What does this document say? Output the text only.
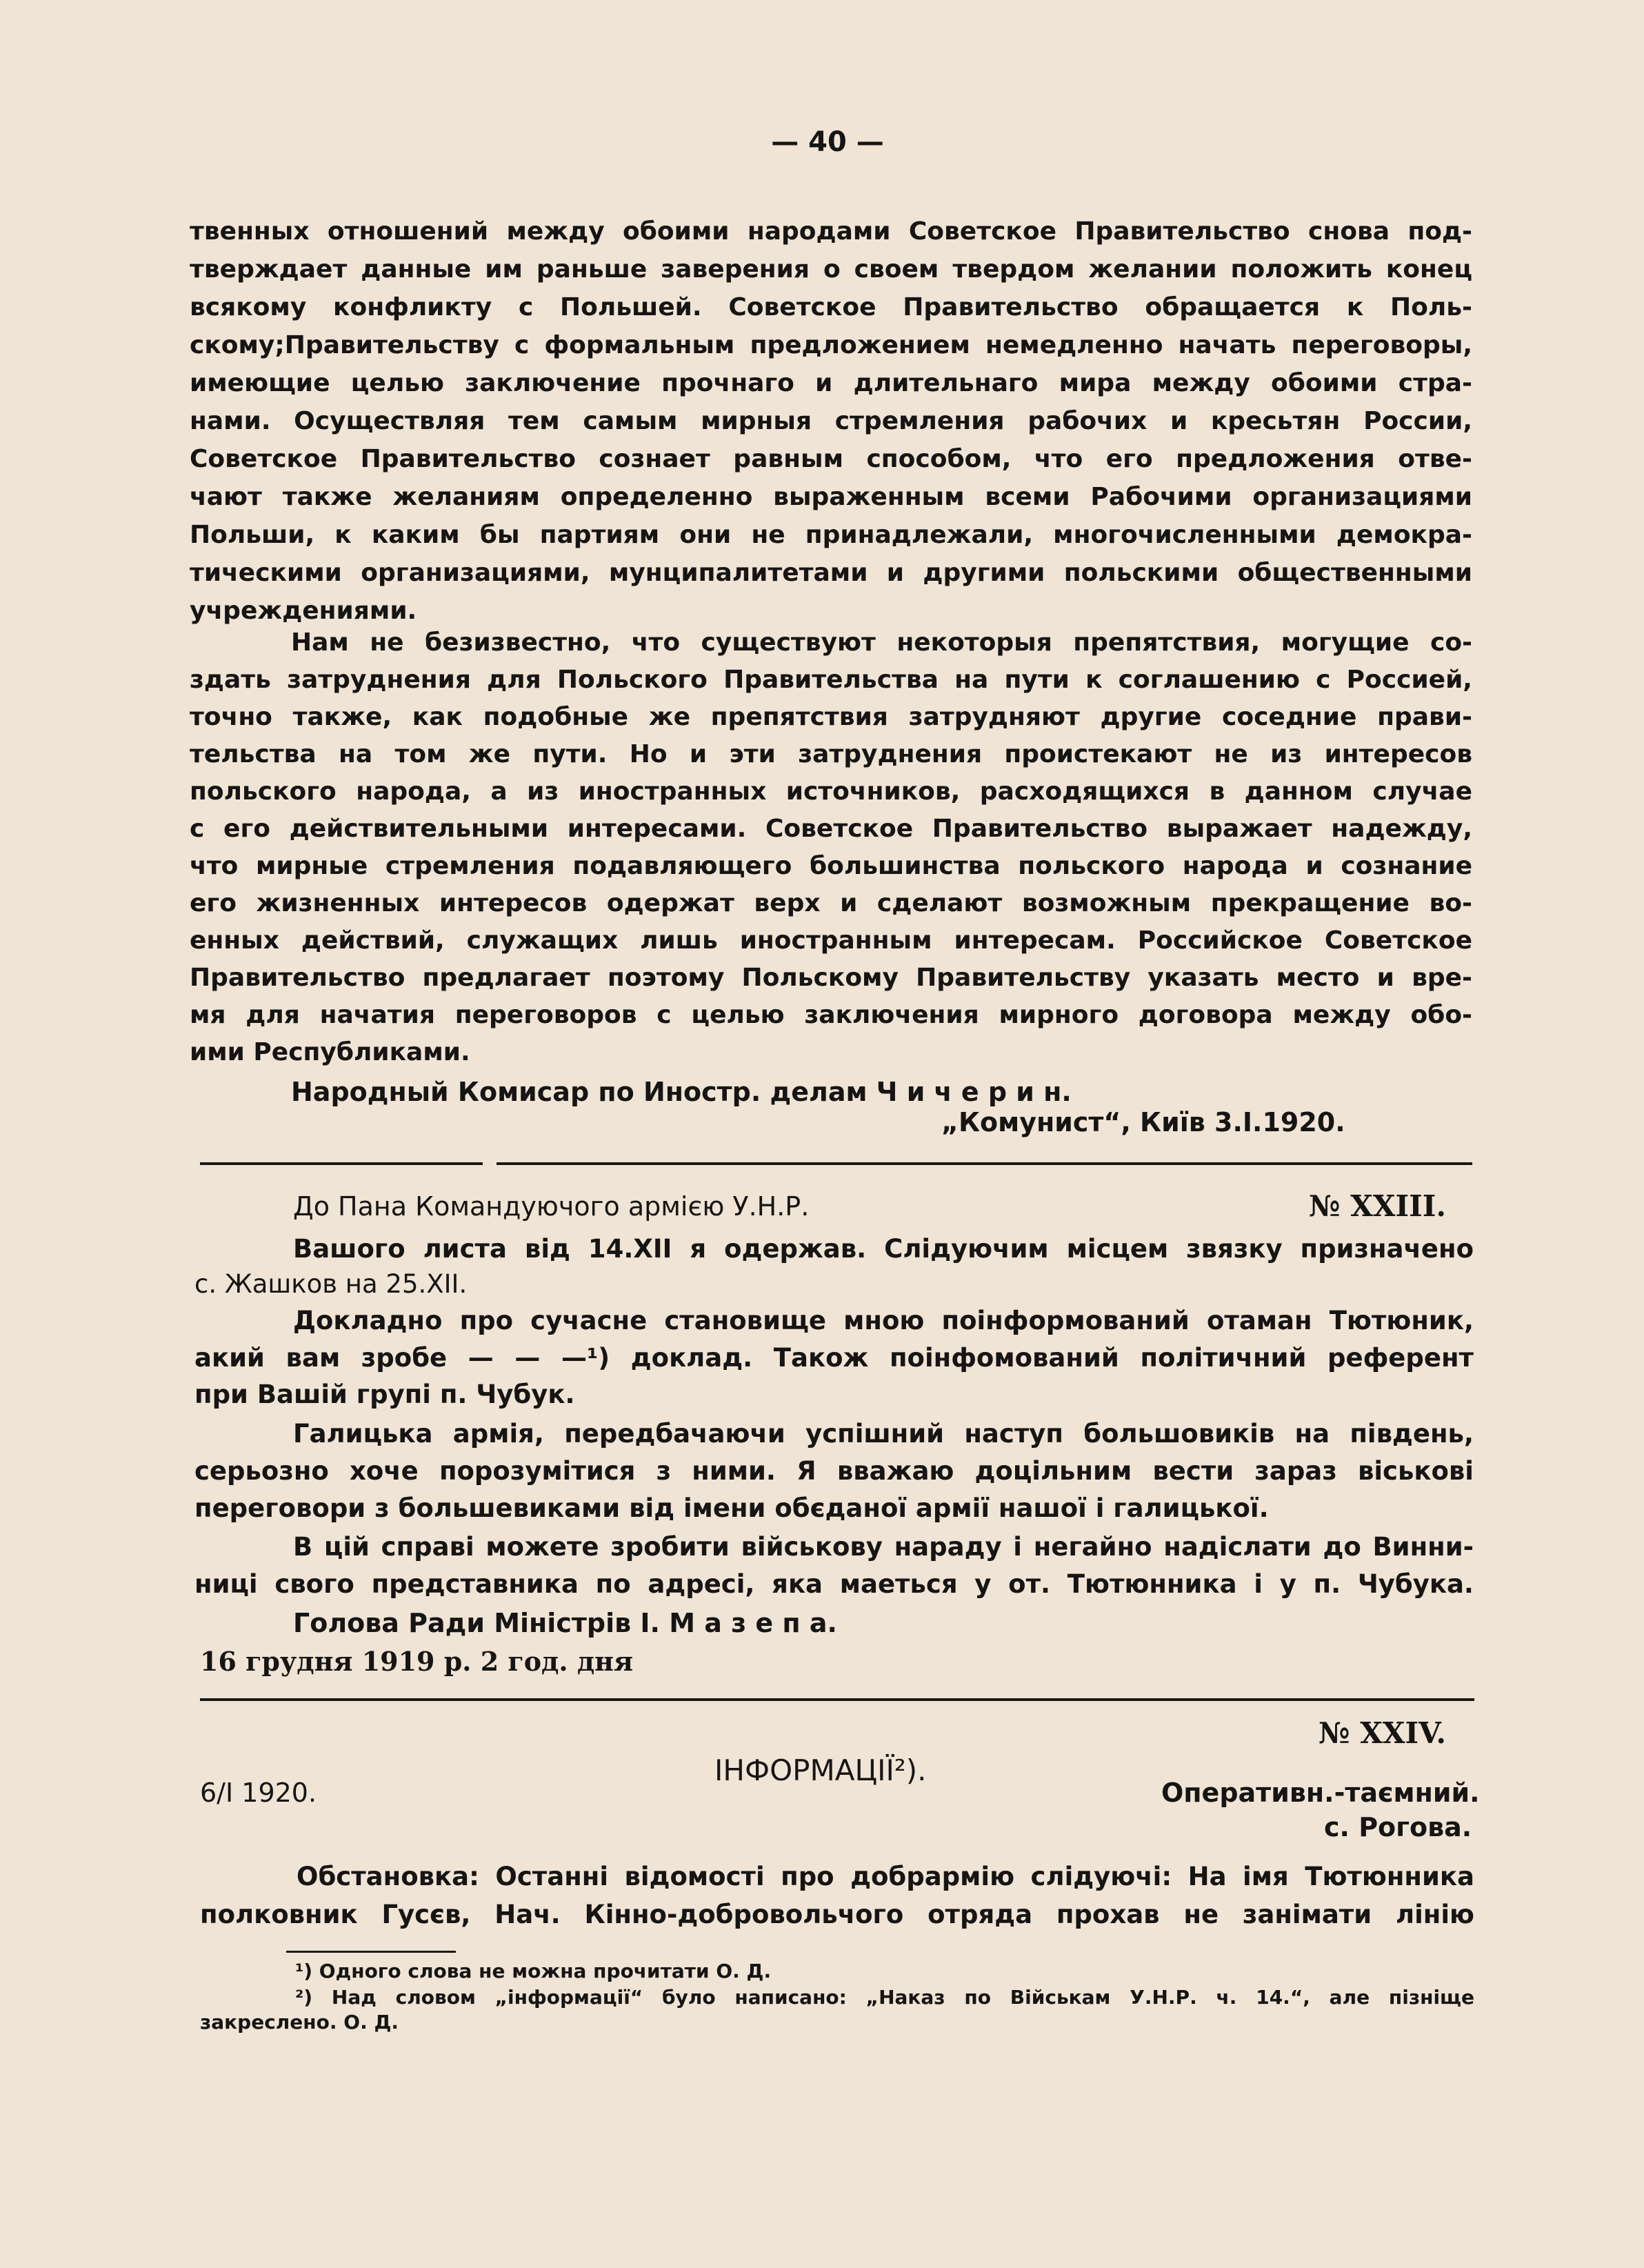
— 40 —
твенных отношений между обоими народами Советское Правительство снова под-
тверждает данные им раньше заверения о своем твердом желании положить конец
всякому конфликту с Польшей. Советское Правительство обращается к Поль-
скому;Правительству с формальным предложением немедленно начать переговоры,
имеющие целью заключение прочнаго и длительнаго мира между обоими стра-
нами. Осуществляя тем самым мирныя стремления рабочих и кресьтян России,
Советское Правительство сознает равным способом, что его предложения отве-
чают также желаниям определенно выраженным всеми Рабочими организациями
Польши, к каким бы партиям они не принадлежали, многочисленными демокра-
тическими организациями, мунципалитетами и другими польскими общественными
учреждениями.
Нам не безизвестно, что существуют некоторыя препятствия, могущие со-
здать затруднения для Польского Правительства на пути к соглашению с Россией,
точно также, как подобные же препятствия затрудняют другие соседние прави-
тельства на том же пути. Но и эти затруднения проистекают не из интересов
польского народа, а из иностранных источников, расходящихся в данном случае
с его действительными интересами. Советское Правительство выражает надежду,
что мирные стремления подавляющего большинства польского народа и сознание
его жизненных интересов одержат верх и сделают возможным прекращение во-
енных действий, служащих лишь иностранным интересам. Российское Советское
Правительство предлагает поэтому Польскому Правительству указать место и вре-
мя для начатия переговоров с целью заключения мирного договора между обо-
ими Республиками.
Народный Комисар по Иностр. делам Ч и ч е р и н.
„Комунист“, Київ 3.І.1920.
До Пана Командуючого армією У.Н.Р.	№ XXIII.
Вашого листа від 14.XII я одержав. Слідуючим місцем звязку призначено
с. Жашков на 25.XII.
Докладно про сучасне становище мною поінформований отаман Тютюник,
акий вам зробе — — —¹) доклад. Також поінфомований політичний референт
при Вашій групі п. Чубук.
Галицька армія, передбачаючи успішний наступ большовиків на південь,
серьозно хоче порозумітися з ними. Я вважаю доцільним вести зараз віськові
переговори з большевиками від імени обєданої армії нашої і галицької.
В цій справі можете зробити військову нараду і негайно надіслати до Винни-
ниці свого представника по адресі, яка маеться у от. Тютюнника і у п. Чубука.
Голова Ради Міністрів І. М а з е п а.
16 грудня 1919 р. 2 год. дня
№ XXIV.
ІНФОРМАЦІЇ²).
6/І 1920.	Оперативн.-таємний.
с. Рогова.
Обстановка: Останні відомості про добрармію слідуючі: На імя Тютюнника
полковник Гусєв, Нач. Кінно-добровольчого отряда прохав не занімати лінію
¹) Одного слова не можна прочитати О. Д.
²) Над словом „інформації“ було написано: „Наказ по Військам У.Н.Р. ч. 14.“, але пізніще
закреслено. О. Д.
